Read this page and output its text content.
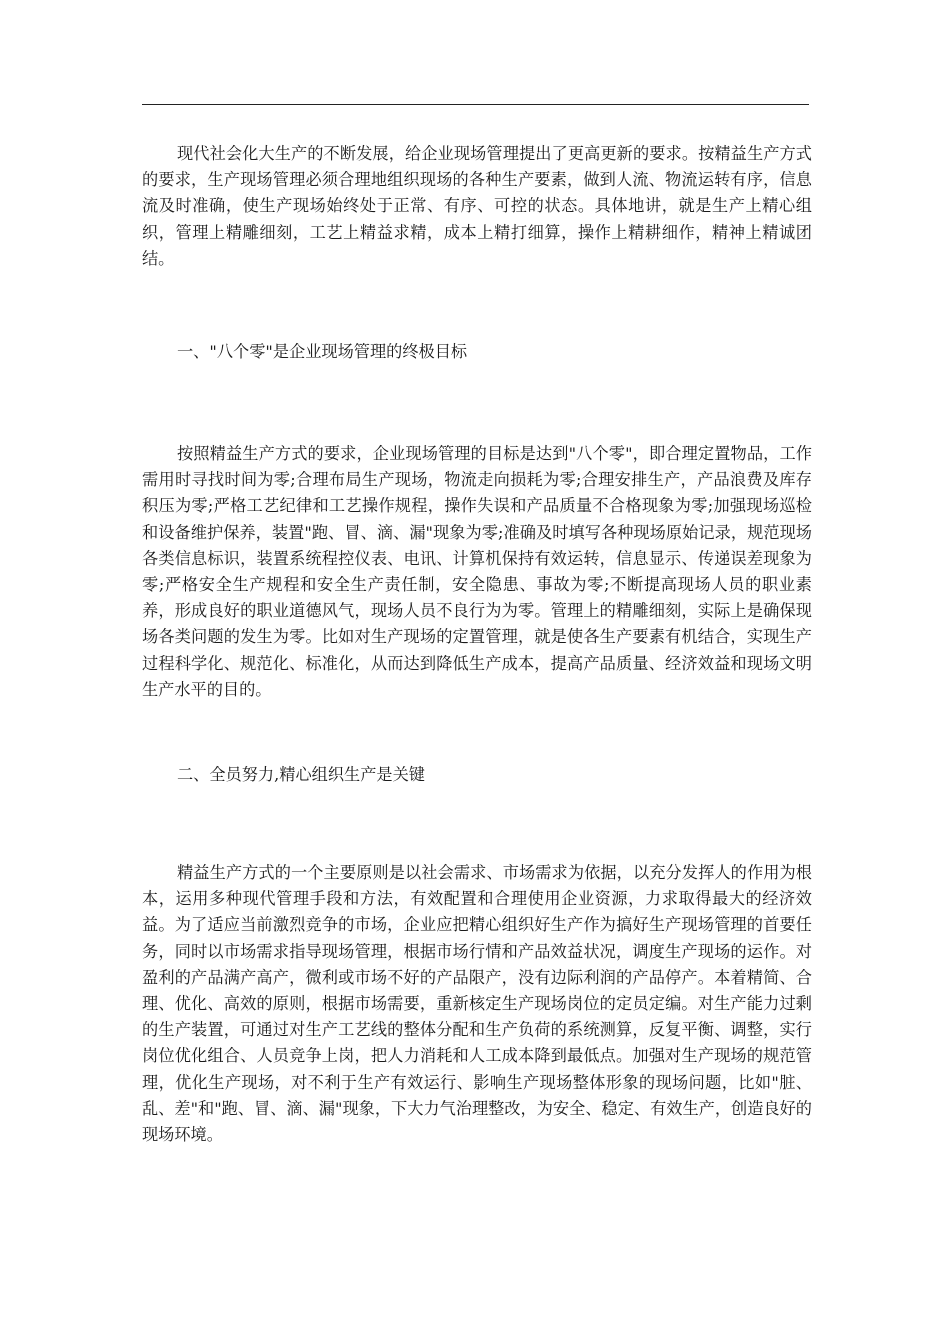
现代社会化大生产的不断发展，给企业现场管理提出了更高更新的要求。按精益生产方式的要求，生产现场管理必须合理地组织现场的各种生产要素，做到人流、物流运转有序，信息流及时准确，使生产现场始终处于正常、有序、可控的状态。具体地讲，就是生产上精心组织，管理上精雕细刻，工艺上精益求精，成本上精打细算，操作上精耕细作，精神上精诚团结。

一、"八个零"是企业现场管理的终极目标

按照精益生产方式的要求，企业现场管理的目标是达到"八个零"，即合理定置物品，工作需用时寻找时间为零;合理布局生产现场，物流走向损耗为零;合理安排生产，产品浪费及库存积压为零;严格工艺纪律和工艺操作规程，操作失误和产品质量不合格现象为零;加强现场巡检和设备维护保养，装置"跑、冒、滴、漏"现象为零;准确及时填写各种现场原始记录，规范现场各类信息标识，装置系统程控仪表、电讯、计算机保持有效运转，信息显示、传递误差现象为零;严格安全生产规程和安全生产责任制，安全隐患、事故为零;不断提高现场人员的职业素养，形成良好的职业道德风气，现场人员不良行为为零。管理上的精雕细刻，实际上是确保现场各类问题的发生为零。比如对生产现场的定置管理，就是使各生产要素有机结合，实现生产过程科学化、规范化、标准化，从而达到降低生产成本，提高产品质量、经济效益和现场文明生产水平的目的。

二、全员努力,精心组织生产是关键

精益生产方式的一个主要原则是以社会需求、市场需求为依据，以充分发挥人的作用为根本，运用多种现代管理手段和方法，有效配置和合理使用企业资源，力求取得最大的经济效益。为了适应当前激烈竞争的市场，企业应把精心组织好生产作为搞好生产现场管理的首要任务，同时以市场需求指导现场管理，根据市场行情和产品效益状况，调度生产现场的运作。对盈利的产品满产高产，微利或市场不好的产品限产，没有边际利润的产品停产。本着精简、合理、优化、高效的原则，根据市场需要，重新核定生产现场岗位的定员定编。对生产能力过剩的生产装置，可通过对生产工艺线的整体分配和生产负荷的系统测算，反复平衡、调整，实行岗位优化组合、人员竞争上岗，把人力消耗和人工成本降到最低点。加强对生产现场的规范管理，优化生产现场，对不利于生产有效运行、影响生产现场整体形象的现场问题，比如"脏、乱、差"和"跑、冒、滴、漏"现象，下大力气治理整改，为安全、稳定、有效生产，创造良好的现场环境。
